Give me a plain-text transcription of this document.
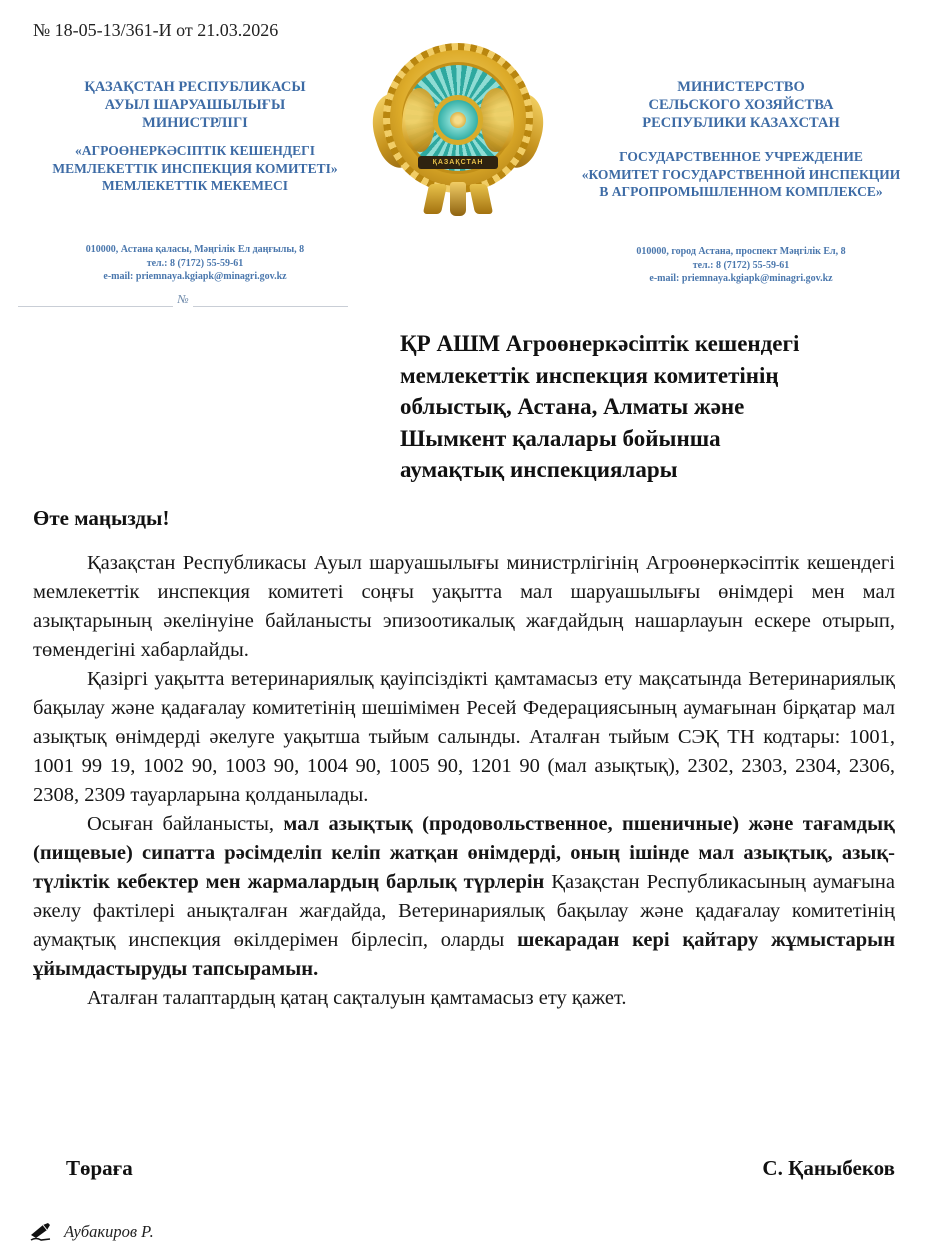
№ 18-05-13/361-И от 21.03.2026
ҚАЗАҚСТАН РЕСПУБЛИКАСЫ
АУЫЛ ШАРУАШЫЛЫҒЫ
МИНИСТРЛІГІ
«АГРОӨНЕРКӘСІПТІК КЕШЕНДЕГІ
МЕМЛЕКЕТТІК ИНСПЕКЦИЯ КОМИТЕТІ»
МЕМЛЕКЕТТІК МЕКЕМЕСІ
МИНИСТЕРСТВО
СЕЛЬСКОГО ХОЗЯЙСТВА
РЕСПУБЛИКИ КАЗАХСТАН
ГОСУДАРСТВЕННОЕ УЧРЕЖДЕНИЕ
«КОМИТЕТ ГОСУДАРСТВЕННОЙ ИНСПЕКЦИИ
В АГРОПРОМЫШЛЕННОМ КОМПЛЕКСЕ»
ҚАЗАҚСТАН
010000, Астана қаласы, Мәңгілік Ел даңғылы, 8
тел.: 8 (7172) 55-59-61
e-mail: priemnaya.kgiapk@minagri.gov.kz
010000, город Астана, проспект Мәңгілік Ел, 8
тел.: 8 (7172) 55-59-61
e-mail: priemnaya.kgiapk@minagri.gov.kz
№
ҚР АШМ Агроөнеркәсіптік кешендегі
мемлекеттік инспекция комитетінің
облыстық, Астана, Алматы және
Шымкент қалалары бойынша
аумақтық инспекциялары
Өте маңызды!

Қазақстан Республикасы Ауыл шаруашылығы министрлігінің Агроөнеркәсіптік кешендегі мемлекеттік инспекция комитеті соңғы уақытта мал шаруашылығы өнімдері мен мал азықтарының әкелінуіне байланысты эпизоотикалық жағдайдың нашарлауын ескере отырып, төмендегіні хабарлайды.

Қазіргі уақытта ветеринариялық қауіпсіздікті қамтамасыз ету мақсатында Ветеринариялық бақылау және қадағалау комитетінің шешімімен Ресей Федерациясының аумағынан бірқатар мал азықтық өнімдерді әкелуге уақытша тыйым салынды. Аталған тыйым СЭҚ ТН кодтары: 1001, 1001 99 19, 1002 90, 1003 90, 1004 90, 1005 90, 1201 90 (мал азықтық), 2302, 2303, 2304, 2306, 2308, 2309 тауарларына қолданылады.

Осыған байланысты, мал азықтық (продовольственное, пшеничные) және тағамдық (пищевые) сипатта рәсімделіп келіп жатқан өнімдерді, оның ішінде мал азықтық, азық-түліктік кебектер мен жармалардың барлық түрлерін Қазақстан Республикасының аумағына әкелу фактілері анықталған жағдайда, Ветеринариялық бақылау және қадағалау комитетінің аумақтық инспекция өкілдерімен бірлесіп, оларды шекарадан кері қайтару жұмыстарын ұйымдастыруды тапсырамын.

Аталған талаптардың қатаң сақталуын қамтамасыз ету қажет.

Төраға	С. Қаныбеков
Аубакиров Р.
